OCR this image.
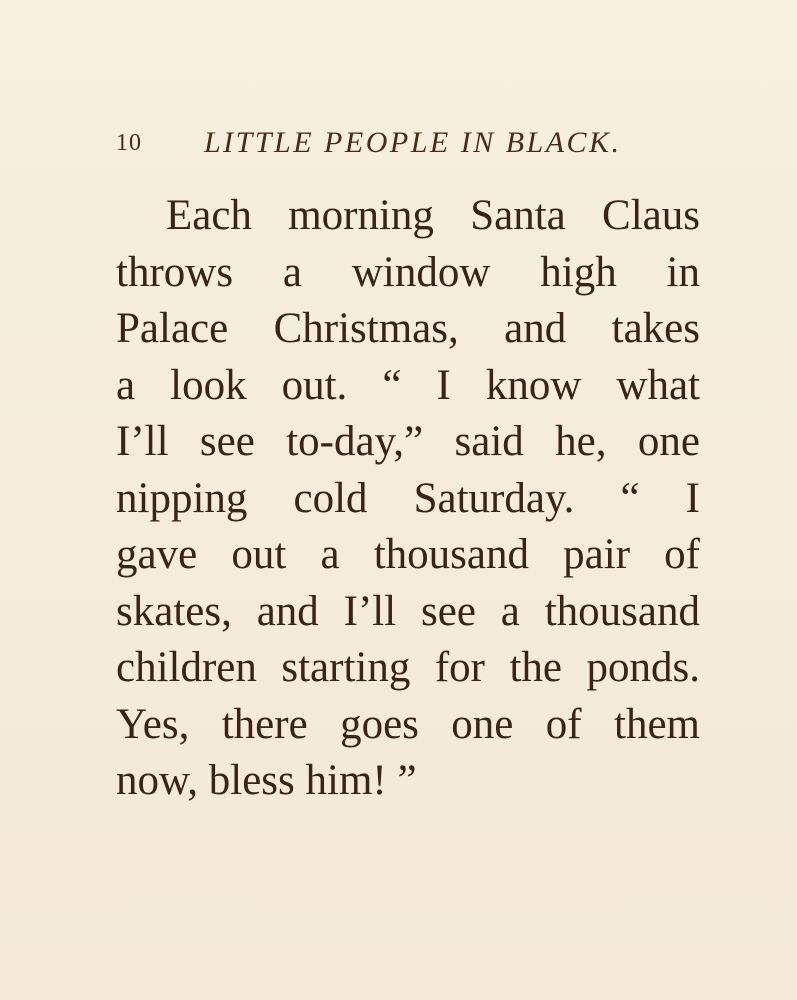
10 LITTLE PEOPLE IN BLACK.
Each morning Santa Claus
throws a window high in
Palace Christmas, and takes
a look out. “ I know what
I’ll see to-day,” said he, one
nipping cold Saturday. “ I
gave out a thousand pair of
skates, and I’ll see a thousand
children starting for the ponds.
Yes, there goes one of them
now, bless him! ”
